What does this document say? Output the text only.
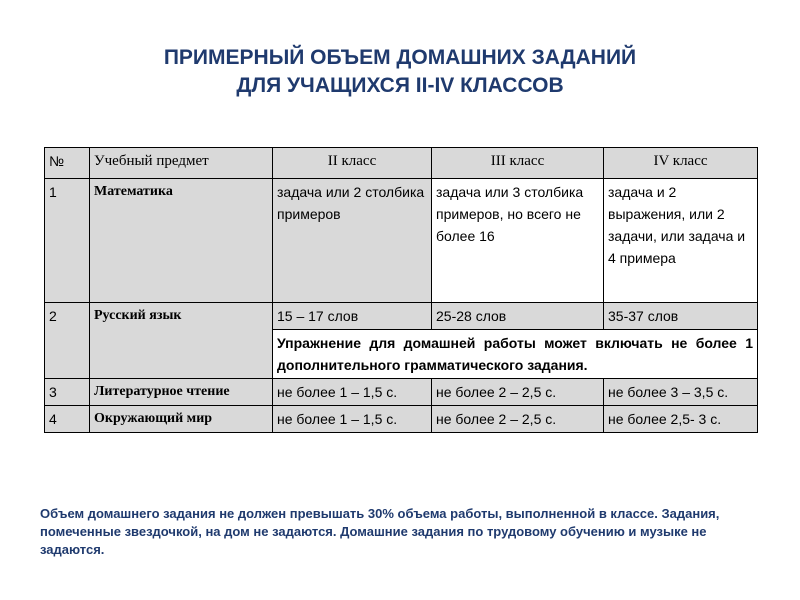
ПРИМЕРНЫЙ ОБЪЕМ ДОМАШНИХ ЗАДАНИЙ
ДЛЯ УЧАЩИХСЯ II-IV КЛАССОВ
№	Учебный предмет	II класс	III класс	IV класс
1	Математика	задача или 2 столбика примеров	задача или 3 столбика примеров, но всего не более 16	задача и 2 выражения, или 2 задачи, или задача и 4 примера
2	Русский язык	15 – 17 слов	25-28 слов	35-37 слов
		Упражнение для домашней работы может включать не более 1 дополнительного грамматического задания.		
3	Литературное чтение	не более 1 – 1,5 с.	не более 2 – 2,5 с.	не более 3 – 3,5 с.
4	Окружающий мир	не более 1 – 1,5 с.	не более 2 – 2,5 с.	не более 2,5- 3 с.
Объем домашнего задания не должен превышать 30% объема работы, выполненной в классе. Задания, помеченные звездочкой, на дом не задаются. Домашние задания по трудовому обучению и музыке не задаются.
